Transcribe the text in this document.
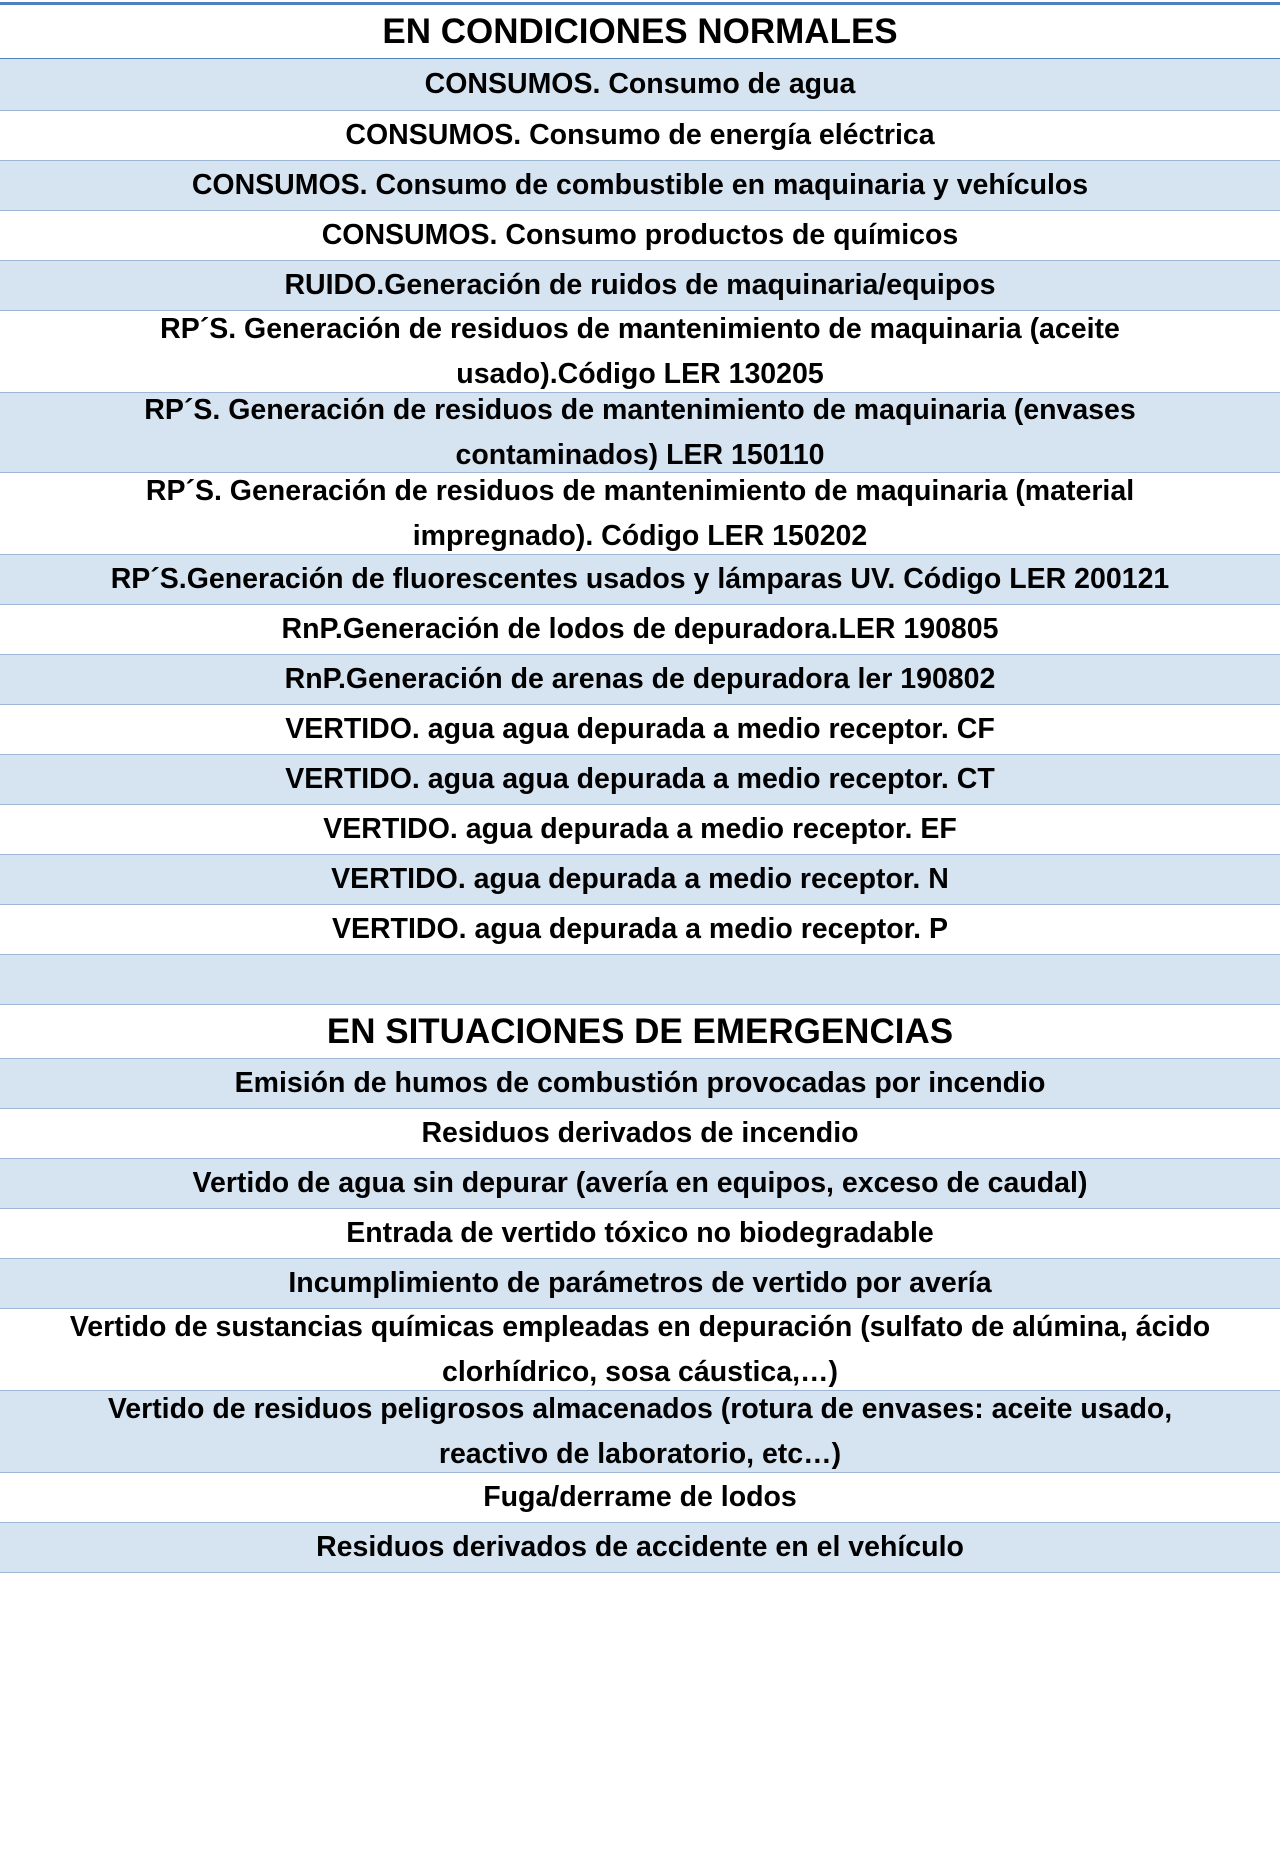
EN CONDICIONES NORMALES
CONSUMOS. Consumo de agua
CONSUMOS. Consumo de energía eléctrica
CONSUMOS. Consumo de combustible en maquinaria y vehículos
CONSUMOS. Consumo productos de químicos
RUIDO.Generación de ruidos de maquinaria/equipos
RP´S. Generación de residuos de mantenimiento de maquinaria (aceite usado).Código LER 130205
RP´S. Generación de residuos de mantenimiento de maquinaria (envases contaminados) LER 150110
RP´S. Generación de residuos de mantenimiento de maquinaria (material impregnado). Código LER 150202
RP´S.Generación de fluorescentes usados y lámparas UV. Código LER 200121
RnP.Generación de lodos de depuradora.LER 190805
RnP.Generación de arenas de depuradora ler 190802
VERTIDO. agua agua depurada a medio receptor. CF
VERTIDO. agua agua depurada a medio receptor. CT
VERTIDO. agua depurada a medio receptor. EF
VERTIDO. agua depurada a medio receptor. N
VERTIDO. agua depurada a medio receptor. P
EN SITUACIONES DE EMERGENCIAS
Emisión de humos de combustión provocadas por incendio
Residuos derivados de incendio
Vertido de agua sin depurar (avería en equipos, exceso de caudal)
Entrada de vertido tóxico no biodegradable
Incumplimiento de parámetros de vertido por avería
Vertido de sustancias químicas empleadas en depuración (sulfato de alúmina, ácido clorhídrico, sosa cáustica,…)
Vertido de residuos peligrosos almacenados (rotura de envases: aceite usado, reactivo de laboratorio, etc…)
Fuga/derrame de lodos
Residuos derivados de accidente en el vehículo
